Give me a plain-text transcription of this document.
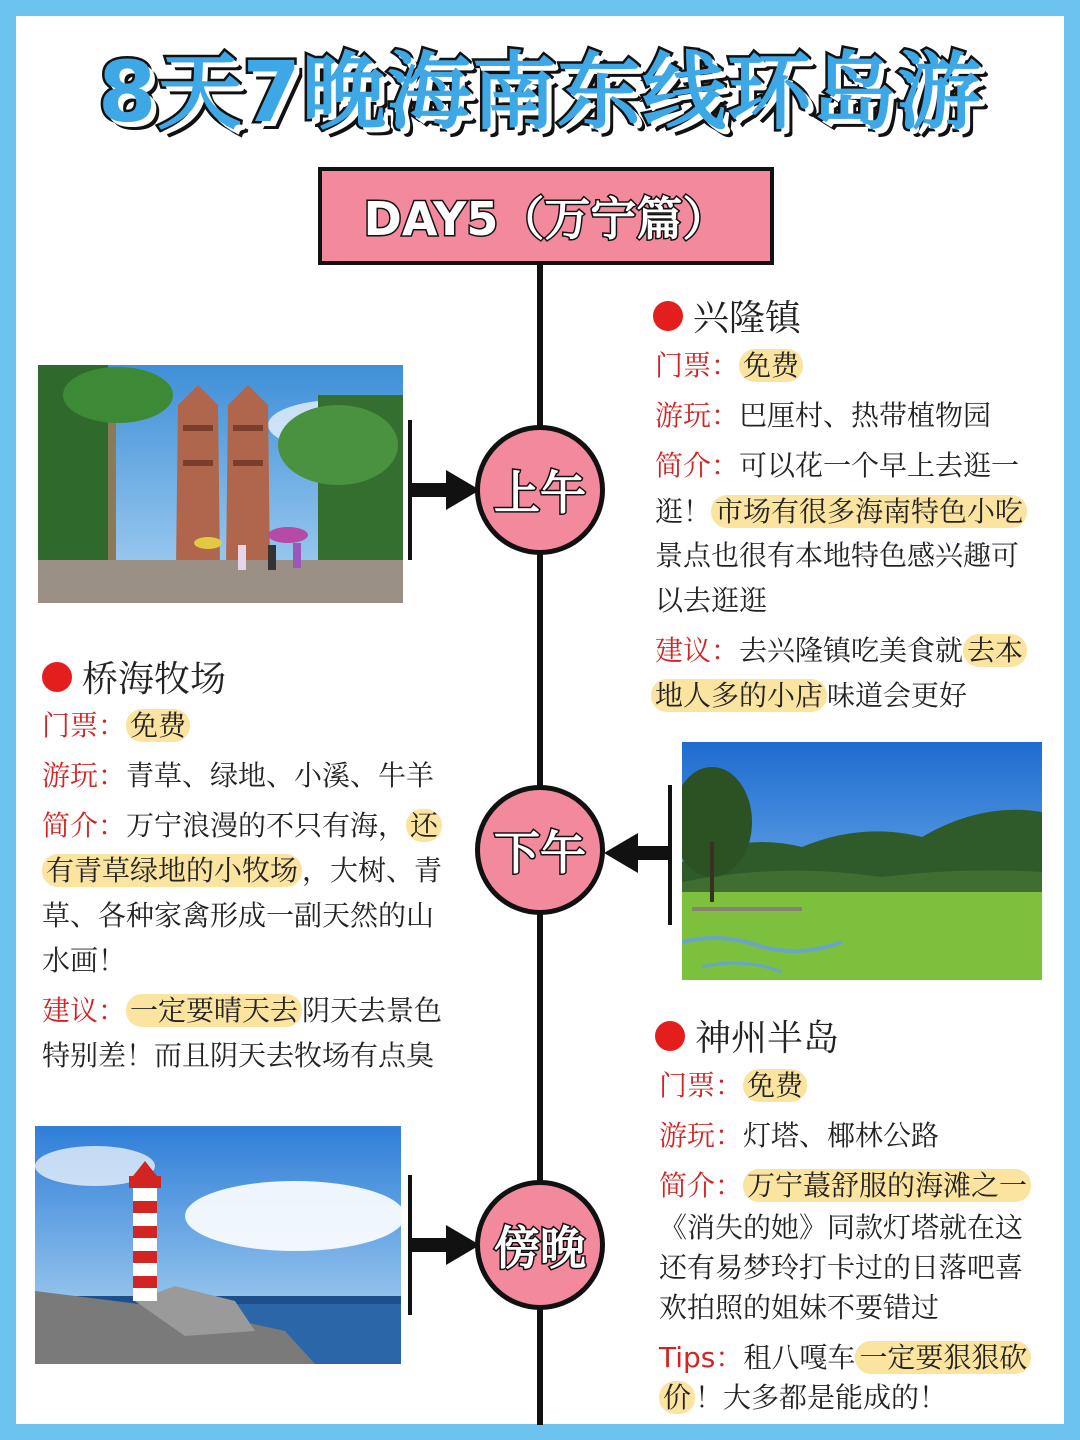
8天7晚海南东线环岛游
DAY5（万宁篇）
上午
下午
傍晚
兴隆镇
门票： 免费
游玩：巴厘村、热带植物园
简介：可以花一个早上去逛一
逛！ 市场有很多海南特色小吃
景点也很有本地特色感兴趣可
以去逛逛
建议：去兴隆镇吃美食就 去本
地人多的小店 味道会更好
桥海牧场
门票： 免费
游玩：青草、绿地、小溪、牛羊
简介：万宁浪漫的不只有海， 还
有青草绿地的小牧场 ，大树、青
草、各种家禽形成一副天然的山
水画！
建议： 一定要晴天去 阴天去景色
特别差！而且阴天去牧场有点臭	神州半岛
门票： 免费
游玩：灯塔、椰林公路
简介： 万宁蕞舒服的海滩之一
《消失的她》同款灯塔就在这
还有易梦玲打卡过的日落吧喜
欢拍照的姐妹不要错过
Tips：租八嘎车 一定要狠狠砍
价 ！大多都是能成的！
